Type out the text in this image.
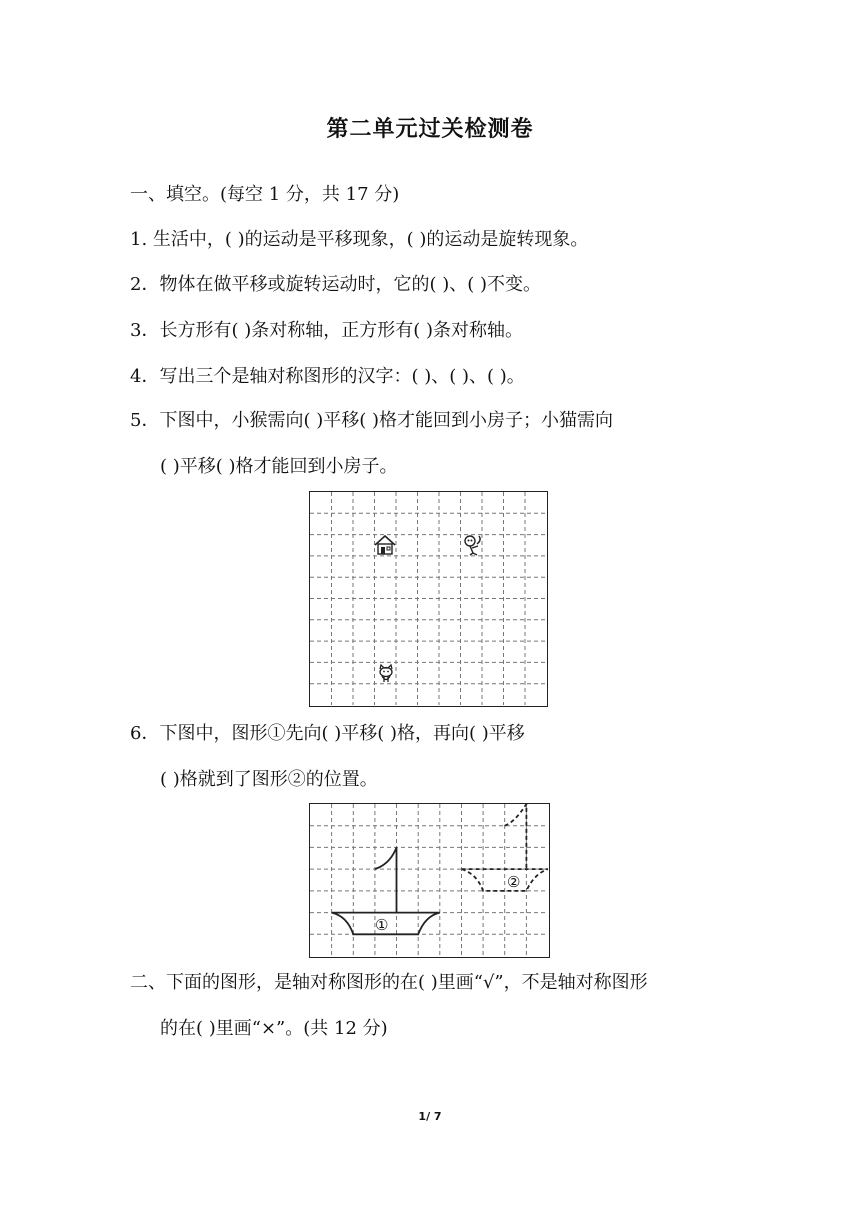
第二单元过关检测卷
一、填空。(每空 1 分，共 17 分)
1. 生活中，( )的运动是平移现象，( )的运动是旋转现象。
2．物体在做平移或旋转运动时，它的( )、( )不变。
3．长方形有( )条对称轴，正方形有( )条对称轴。
4．写出三个是轴对称图形的汉字：( )、( )、( )。
5．下图中，小猴需向( )平移( )格才能回到小房子；小猫需向
( )平移( )格才能回到小房子。
6．下图中，图形①先向( )平移( )格，再向( )平移
( )格就到了图形②的位置。
①
②
二、下面的图形，是轴对称图形的在( )里画“√”，不是轴对称图形
的在( )里画“×”。(共 12 分)
1/ 7
